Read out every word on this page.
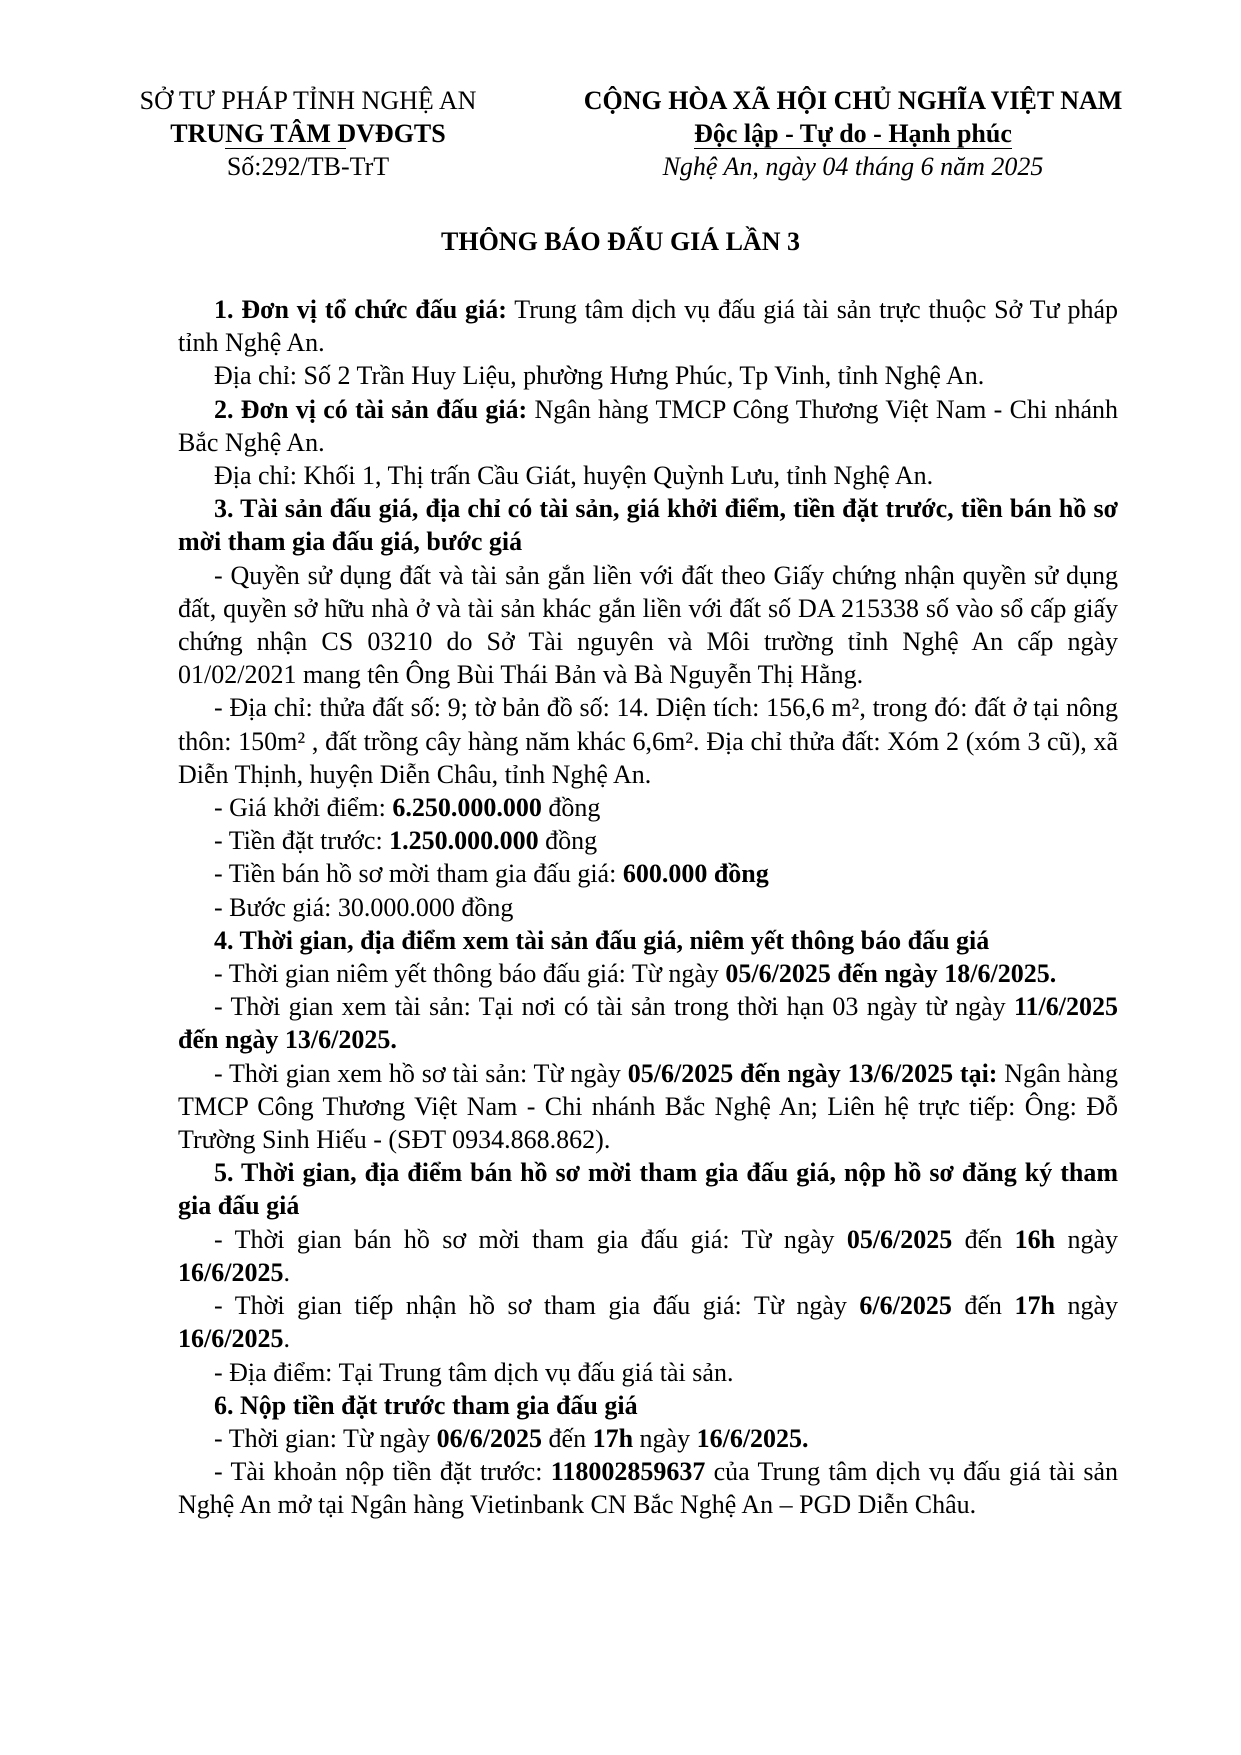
SỞ TƯ PHÁP TỈNH NGHỆ AN
TRUNG TÂM DVĐGTS
Số:292/TB-TrT
CỘNG HÒA XÃ HỘI CHỦ NGHĨA VIỆT NAM
Độc lập - Tự do - Hạnh phúc
Nghệ An, ngày 04 tháng 6 năm 2025
THÔNG BÁO ĐẤU GIÁ LẦN 3

1. Đơn vị tổ chức đấu giá: Trung tâm dịch vụ đấu giá tài sản trực thuộc Sở Tư pháp tỉnh Nghệ An.

Địa chỉ: Số 2 Trần Huy Liệu, phường Hưng Phúc, Tp Vinh, tỉnh Nghệ An.

2. Đơn vị có tài sản đấu giá: Ngân hàng TMCP Công Thương Việt Nam - Chi nhánh Bắc Nghệ An.

Địa chỉ: Khối 1, Thị trấn Cầu Giát, huyện Quỳnh Lưu, tỉnh Nghệ An.

3. Tài sản đấu giá, địa chỉ có tài sản, giá khởi điểm, tiền đặt trước, tiền bán hồ sơ mời tham gia đấu giá, bước giá

- Quyền sử dụng đất và tài sản gắn liền với đất theo Giấy chứng nhận quyền sử dụng đất, quyền sở hữu nhà ở và tài sản khác gắn liền với đất số DA 215338 số vào sổ cấp giấy chứng nhận CS 03210 do Sở Tài nguyên và Môi trường tỉnh Nghệ An cấp ngày 01/02/2021 mang tên Ông Bùi Thái Bản và Bà Nguyễn Thị Hằng.

- Địa chỉ: thửa đất số: 9; tờ bản đồ số: 14. Diện tích: 156,6 m², trong đó: đất ở tại nông thôn: 150m² , đất trồng cây hàng năm khác 6,6m². Địa chỉ thửa đất: Xóm 2 (xóm 3 cũ), xã Diễn Thịnh, huyện Diễn Châu, tỉnh Nghệ An.

- Giá khởi điểm: 6.250.000.000 đồng

- Tiền đặt trước: 1.250.000.000 đồng

- Tiền bán hồ sơ mời tham gia đấu giá: 600.000 đồng

- Bước giá: 30.000.000 đồng

4. Thời gian, địa điểm xem tài sản đấu giá, niêm yết thông báo đấu giá

- Thời gian niêm yết thông báo đấu giá: Từ ngày 05/6/2025 đến ngày 18/6/2025.

- Thời gian xem tài sản: Tại nơi có tài sản trong thời hạn 03 ngày từ ngày 11/6/2025 đến ngày 13/6/2025.

- Thời gian xem hồ sơ tài sản: Từ ngày 05/6/2025 đến ngày 13/6/2025 tại: Ngân hàng TMCP Công Thương Việt Nam - Chi nhánh Bắc Nghệ An; Liên hệ trực tiếp: Ông: Đỗ Trường Sinh Hiếu - (SĐT 0934.868.862).

5. Thời gian, địa điểm bán hồ sơ mời tham gia đấu giá, nộp hồ sơ đăng ký tham gia đấu giá

- Thời gian bán hồ sơ mời tham gia đấu giá: Từ ngày 05/6/2025 đến 16h ngày 16/6/2025.

- Thời gian tiếp nhận hồ sơ tham gia đấu giá: Từ ngày 6/6/2025 đến 17h ngày 16/6/2025.

- Địa điểm: Tại Trung tâm dịch vụ đấu giá tài sản.

6. Nộp tiền đặt trước tham gia đấu giá

- Thời gian: Từ ngày 06/6/2025 đến 17h ngày 16/6/2025.

- Tài khoản nộp tiền đặt trước: 118002859637 của Trung tâm dịch vụ đấu giá tài sản Nghệ An mở tại Ngân hàng Vietinbank CN Bắc Nghệ An – PGD Diễn Châu.
